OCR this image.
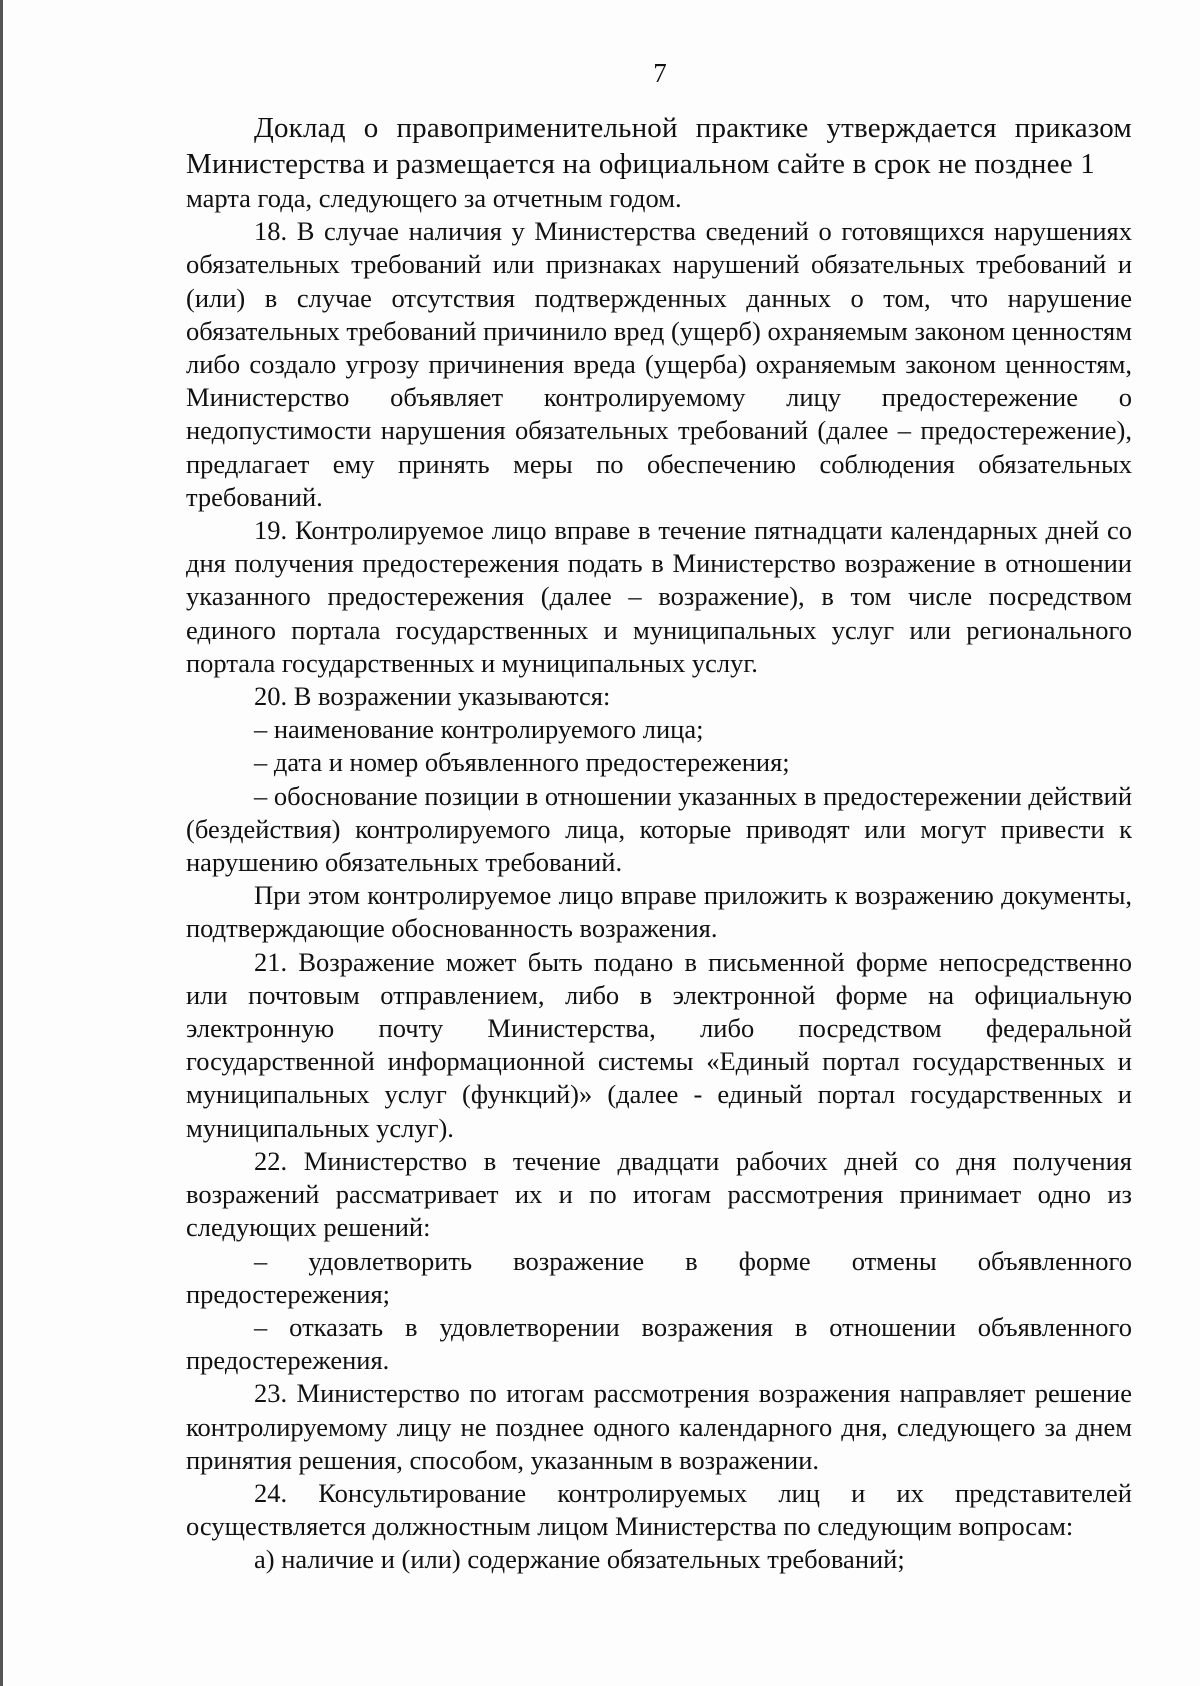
7

Доклад о правоприменительной практике утверждается приказом Министерства и размещается на официальном сайте в срок не позднее 1

марта года, следующего за отчетным годом.

18. В случае наличия у Министерства сведений о готовящихся нарушениях обязательных требований или признаках нарушений обязательных требований и (или) в случае отсутствия подтвержденных данных о том, что нарушение обязательных требований причинило вред (ущерб) охраняемым законом ценностям либо создало угрозу причинения вреда (ущерба) охраняемым законом ценностям, Министерство объявляет контролируемому лицу предостережение о недопустимости нарушения обязательных требований (далее – предостережение), предлагает ему принять меры по обеспечению соблюдения обязательных требований.

19. Контролируемое лицо вправе в течение пятнадцати календарных дней со дня получения предостережения подать в Министерство возражение в отношении указанного предостережения (далее – возражение), в том числе посредством единого портала государственных и муниципальных услуг или регионального портала государственных и муниципальных услуг.

20. В возражении указываются:

– наименование контролируемого лица;

– дата и номер объявленного предостережения;

– обоснование позиции в отношении указанных в предостережении действий (бездействия) контролируемого лица, которые приводят или могут привести к нарушению обязательных требований.

При этом контролируемое лицо вправе приложить к возражению документы, подтверждающие обоснованность возражения.

21. Возражение может быть подано в письменной форме непосредственно или почтовым отправлением, либо в электронной форме на официальную электронную почту Министерства, либо посредством федеральной государственной информационной системы «Единый портал государственных и муниципальных услуг (функций)» (далее - единый портал государственных и муниципальных услуг).

22. Министерство в течение двадцати рабочих дней со дня получения возражений рассматривает их и по итогам рассмотрения принимает одно из следующих решений:

– удовлетворить возражение в форме отмены объявленного предостережения;

– отказать в удовлетворении возражения в отношении объявленного предостережения.

23. Министерство по итогам рассмотрения возражения направляет решение контролируемому лицу не позднее одного календарного дня, следующего за днем принятия решения, способом, указанным в возражении.

24. Консультирование контролируемых лиц и их представителей осуществляется должностным лицом Министерства по следующим вопросам:

а) наличие и (или) содержание обязательных требований;
